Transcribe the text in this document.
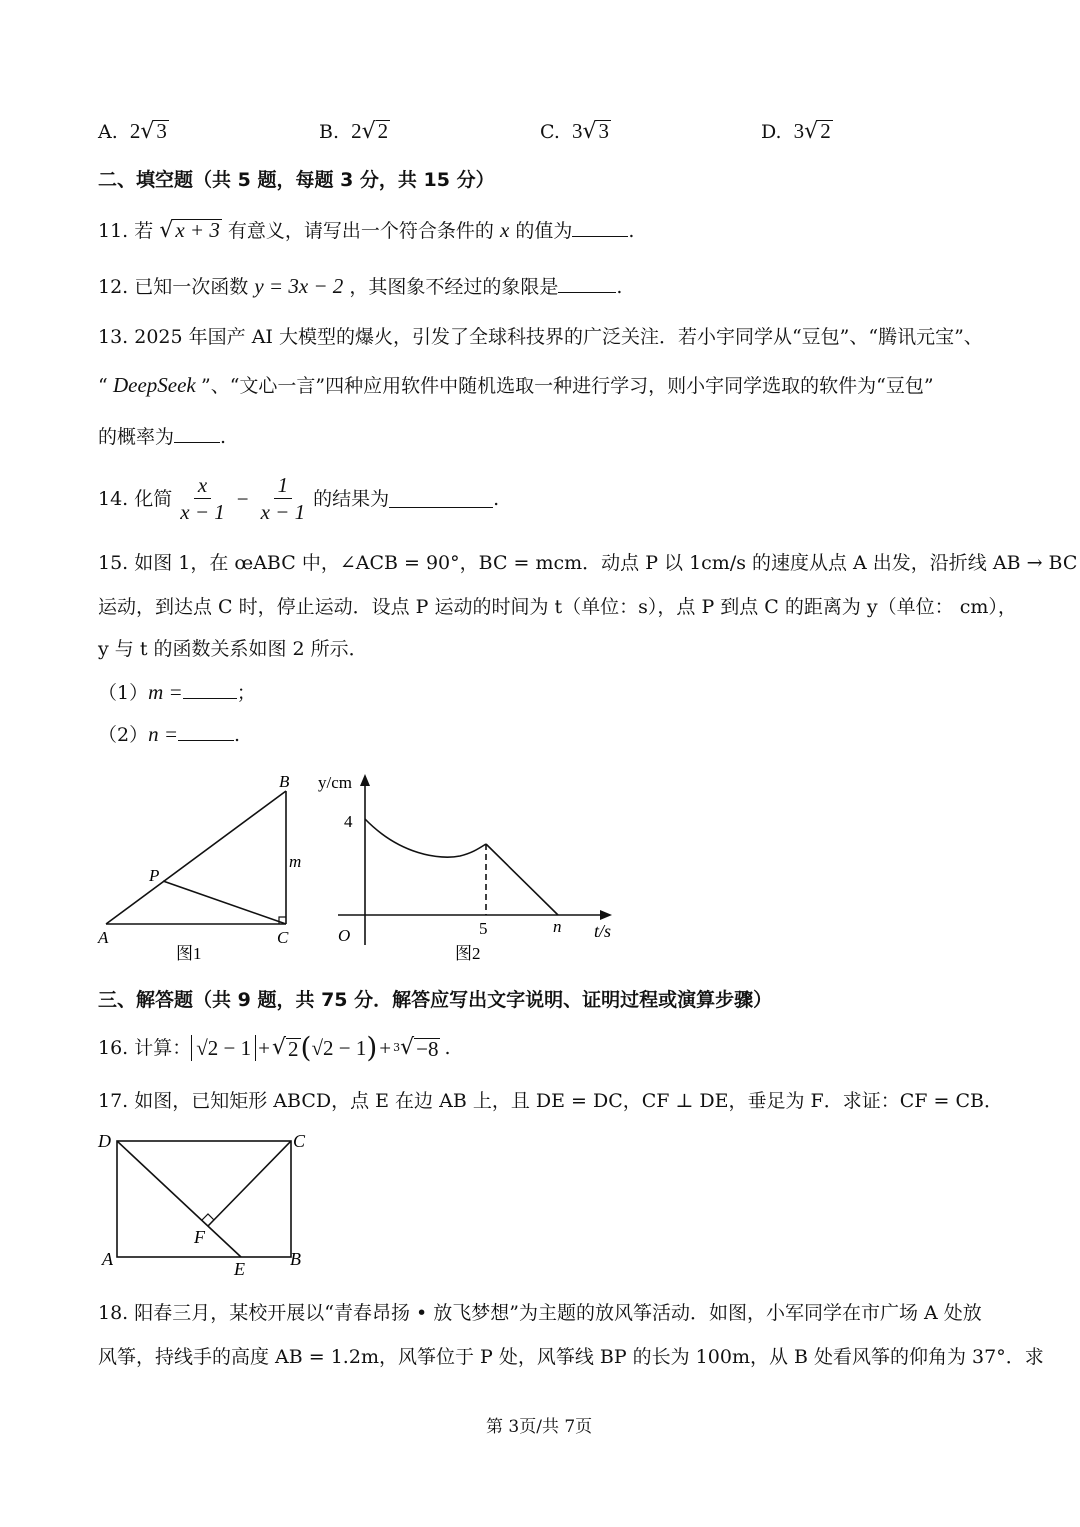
A. 2√3	B. 2√2	C. 3√3	D. 3√2
二、填空题（共 5 题，每题 3 分，共 15 分）
11. 若 √x + 3 有意义，请写出一个符合条件的 x 的值为	.
12. 已知一次函数 y = 3x − 2 ，其图象不经过的象限是	.
13. 2025 年国产 AI 大模型的爆火，引发了全球科技界的广泛关注．若小宇同学从“豆包”、“腾讯元宝”、
“ DeepSeek ”、“文心一言”四种应用软件中随机选取一种进行学习，则小宇同学选取的软件为“豆包”
的概率为 .
14. 化简 $\frac{x}{x - 1} - \frac{1}{x - 1}$ 的结果为	.
15. 如图 1，在 œABC 中，∠ACB = 90°，BC = mcm．动点 P 以 1cm/s 的速度从点 A 出发，沿折线 AB → BC
运动，到达点 C 时，停止运动．设点 P 运动的时间为 t（单位：s），点 P 到点 C 的距离为 y（单位： cm），
y 与 t 的函数关系如图 2 所示．
（1）m =	；
（2）n =	.
A
B
C
P
m
图1
y/cm
4
5	n
O	t/s
图2
三、解答题（共 9 题，共 75 分．解答应写出文字说明、证明过程或演算步骤）
16. 计算： √2 − 1 + √ 2 ( √2 − 1 ) + 3 √ −8 .
17. 如图，已知矩形 ABCD，点 E 在边 AB 上，且 DE = DC，CF ⊥ DE，垂足为 F．求证：CF = CB．
D	C
A	B
E
F
18. 阳春三月，某校开展以“青春昂扬 • 放飞梦想”为主题的放风筝活动．如图，小军同学在市广场 A 处放
风筝，持线手的高度 AB = 1.2m，风筝位于 P 处，风筝线 BP 的长为 100m，从 B 处看风筝的仰角为 37°．求
第 3页/共 7页
